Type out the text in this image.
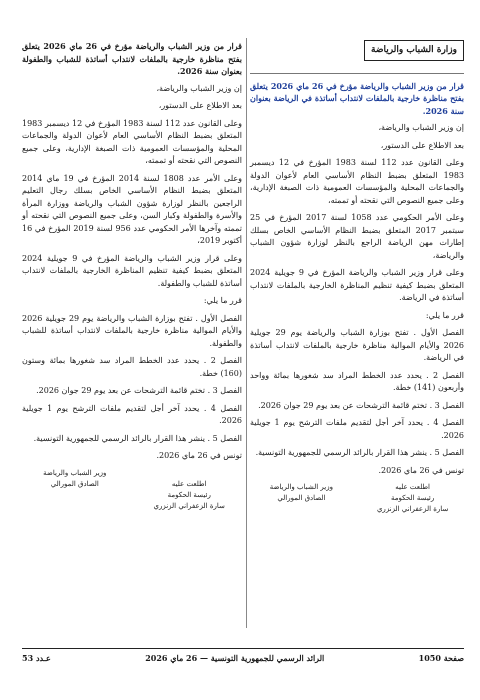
وزارة الشباب والرياضة

قرار من وزير الشباب والرياضة مؤرخ في 26 ماي 2026 يتعلق بفتح مناظرة خارجية بالملفات لانتداب أساتذة في الرياضة بعنوان سنة 2026.

إن وزير الشباب والرياضة،

بعد الاطلاع على الدستور،

وعلى القانون عدد 112 لسنة 1983 المؤرخ في 12 ديسمبر 1983 المتعلق بضبط النظام الأساسي العام لأعوان الدولة والجماعات المحلية والمؤسسات العمومية ذات الصبغة الإدارية، وعلى جميع النصوص التي نقحته أو تممته،

وعلى الأمر الحكومي عدد 1058 لسنة 2017 المؤرخ في 25 سبتمبر 2017 المتعلق بضبط النظام الأساسي الخاص بسلك إطارات مهن الرياضة الراجع بالنظر لوزارة شؤون الشباب والرياضة،

وعلى قرار وزير الشباب والرياضة المؤرخ في 9 جويلية 2024 المتعلق بضبط كيفية تنظيم المناظرة الخارجية بالملفات لانتداب أساتذة في الرياضة.

قرر ما يلي:

الفصل الأول . تفتح بوزارة الشباب والرياضة يوم 29 جويلية 2026 والأيام الموالية مناظرة خارجية بالملفات لانتداب أساتذة في الرياضة.

الفصل 2 . يحدد عدد الخطط المراد سد شغورها بمائة وواحد وأربعون (141) خطة.

الفصل 3 . تختم قائمة الترشحات عن بعد يوم 29 جوان 2026.

الفصل 4 . يحدد آخر أجل لتقديم ملفات الترشح يوم 1 جويلية 2026.

الفصل 5 . ينشر هذا القرار بالرائد الرسمي للجمهورية التونسية.

تونس في 26 ماي 2026.

اطلعت عليه
وزير الشباب والرياضة
رئيسة الحكومة
الصادق المورالي
سارة الزعفراني الزنزري

قرار من وزير الشباب والرياضة مؤرخ في 26 ماي 2026 يتعلق بفتح مناظرة خارجية بالملفات لانتداب أساتذة للشباب والطفولة بعنوان سنة 2026.

إن وزير الشباب والرياضة،

بعد الاطلاع على الدستور،

وعلى القانون عدد 112 لسنة 1983 المؤرخ في 12 ديسمبر 1983 المتعلق بضبط النظام الأساسي العام لأعوان الدولة والجماعات المحلية والمؤسسات العمومية ذات الصبغة الإدارية، وعلى جميع النصوص التي نقحته أو تممته،

وعلى الأمر عدد 1808 لسنة 2014 المؤرخ في 19 ماي 2014 المتعلق بضبط النظام الأساسي الخاص بسلك رجال التعليم الراجعين بالنظر لوزارة شؤون الشباب والرياضة ووزارة المرأة والأسرة والطفولة وكبار السن، وعلى جميع النصوص التي نقحته أو تممته وآخرها الأمر الحكومي عدد 956 لسنة 2019 المؤرخ في 16 أكتوبر 2019،

وعلى قرار وزير الشباب والرياضة المؤرخ في 9 جويلية 2024 المتعلق بضبط كيفية تنظيم المناظرة الخارجية بالملفات لانتداب أساتذة للشباب والطفولة.

قرر ما يلي:

الفصل الأول . تفتح بوزارة الشباب والرياضة يوم 29 جويلية 2026 والأيام الموالية مناظرة خارجية بالملفات لانتداب أساتذة للشباب والطفولة.

الفصل 2 . يحدد عدد الخطط المراد سد شغورها بمائة وستون (160) خطة.

الفصل 3 . تختم قائمة الترشحات عن بعد يوم 29 جوان 2026.

الفصل 4 . يحدد آخر أجل لتقديم ملفات الترشح يوم 1 جويلية 2026.

الفصل 5 . ينشر هذا القرار بالرائد الرسمي للجمهورية التونسية.

تونس في 26 ماي 2026.

وزير الشباب والرياضة
اطلعت عليه
الصادق المورالي
رئيسة الحكومة
سارة الزعفراني الزنزري
صفحة 1050
الرائد الرسمي للجمهورية التونسية — 26 ماي 2026
عـدد 53
